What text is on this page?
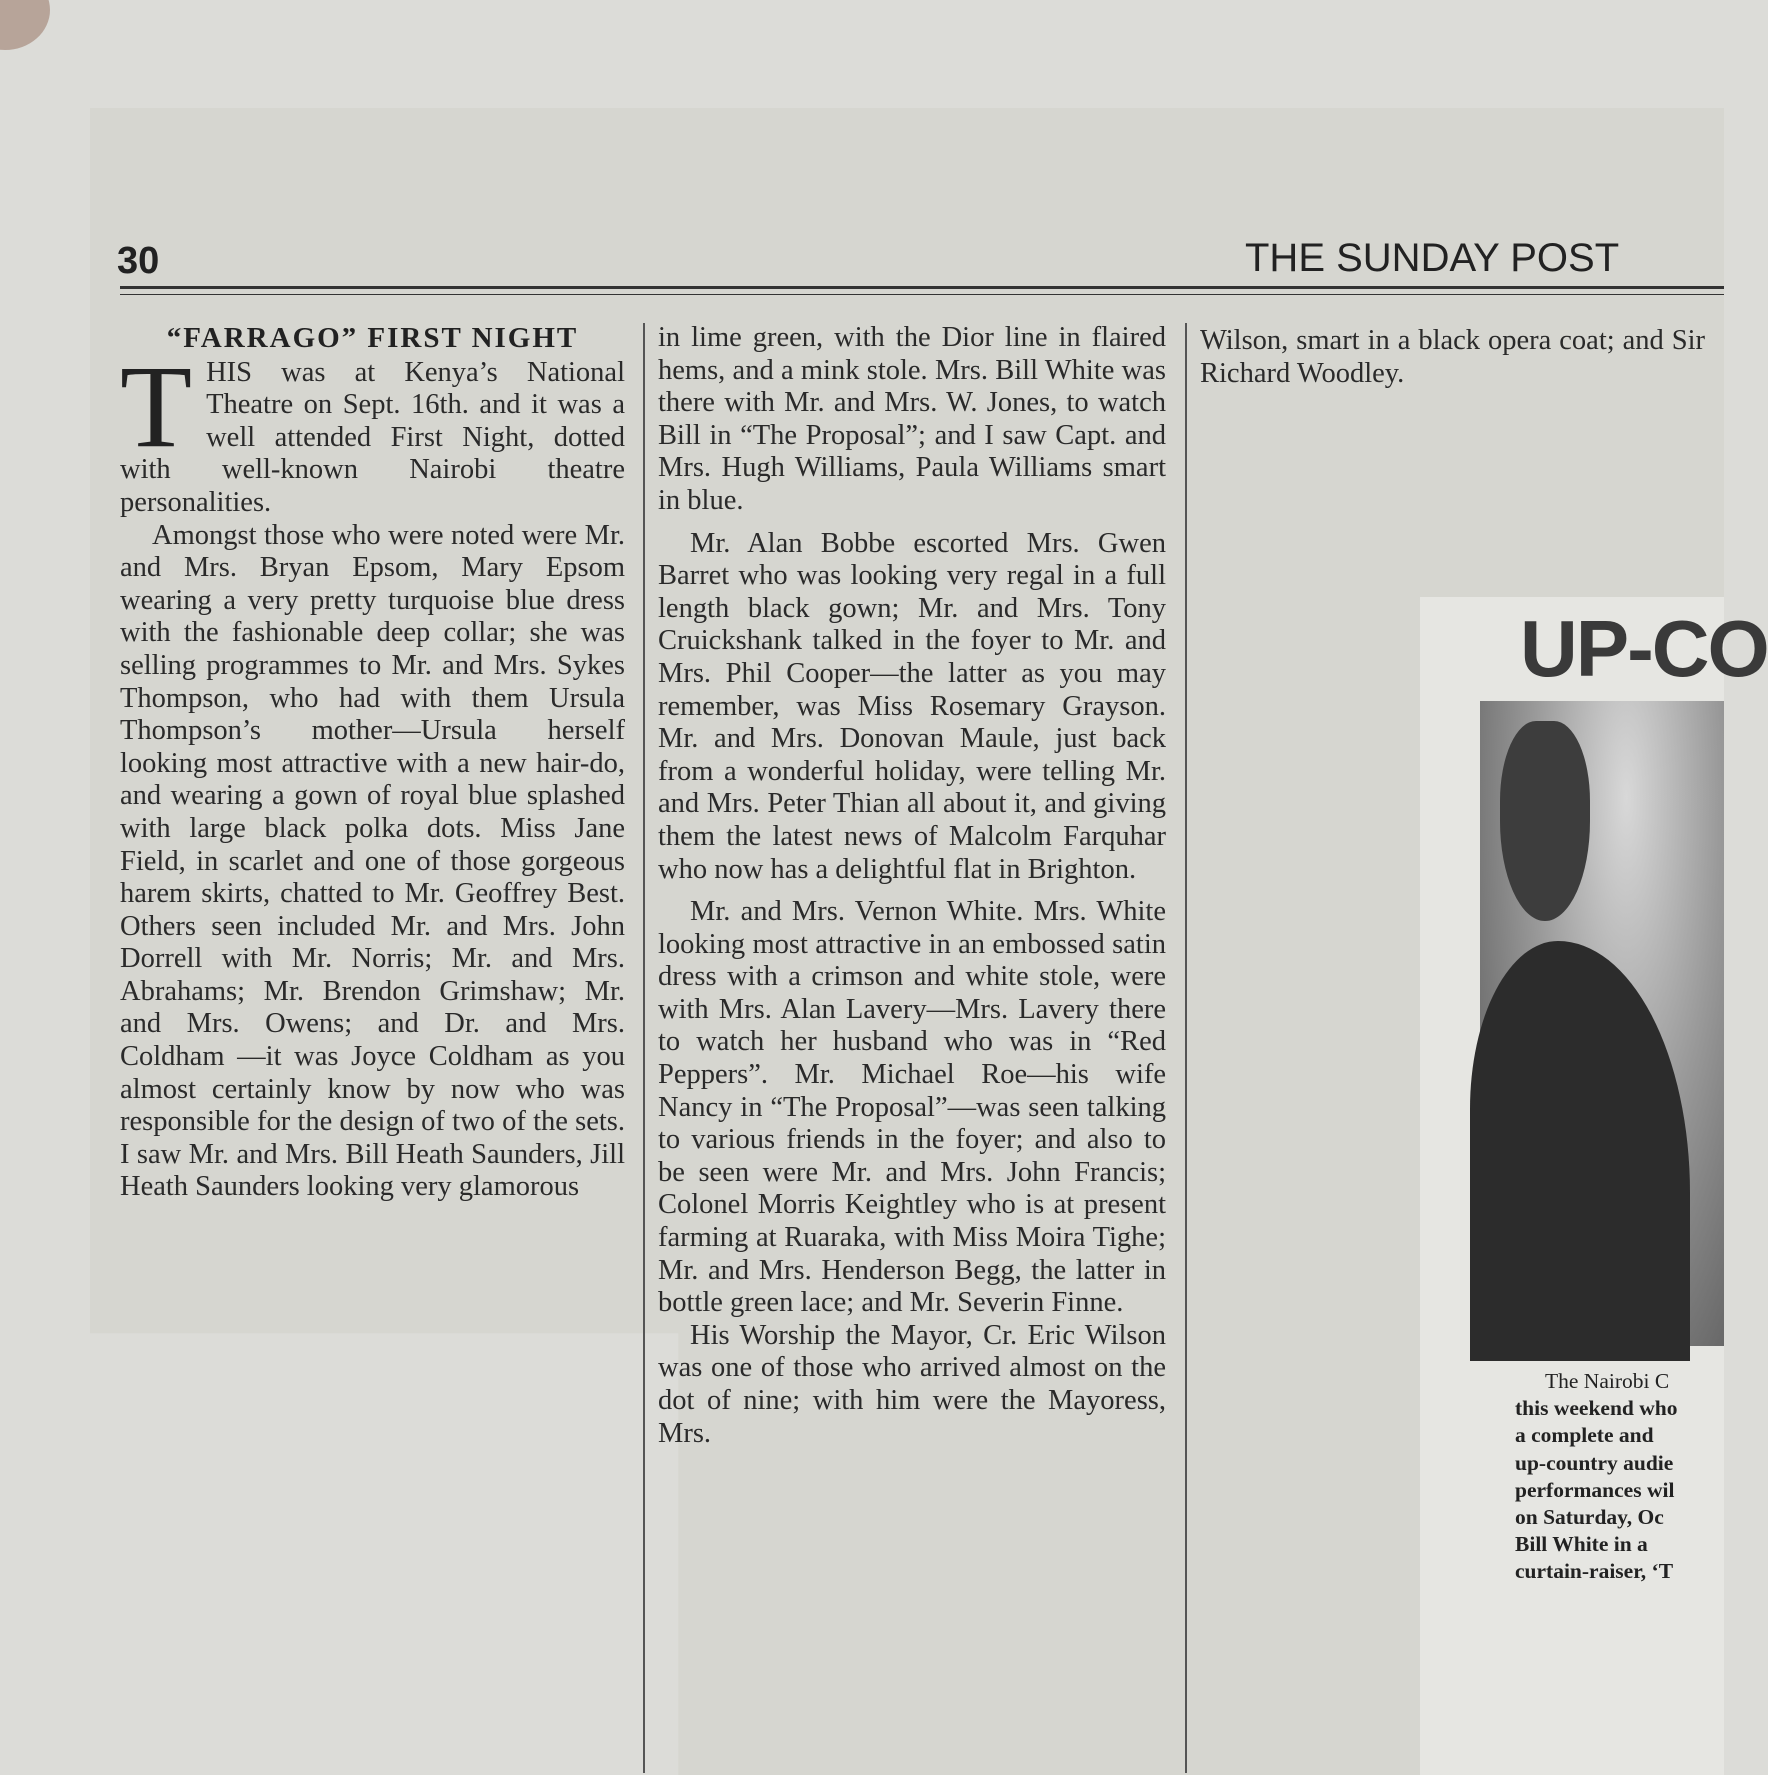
30	THE SUNDAY POST
“FARRAGO” FIRST NIGHT

THIS was at Kenya’s National Theatre on Sept. 16th. and it was a well attended First Night, dotted with well-known Nairobi theatre personalities.

Amongst those who were noted were Mr. and Mrs. Bryan Epsom, Mary Epsom wearing a very pretty turquoise blue dress with the fashionable deep collar; she was selling programmes to Mr. and Mrs. Sykes Thompson, who had with them Ursula Thompson’s mother—Ursula herself looking most attractive with a new hair-do, and wearing a gown of royal blue splashed with large black polka dots. Miss Jane Field, in scarlet and one of those gorgeous harem skirts, chatted to Mr. Geoffrey Best. Others seen included Mr. and Mrs. John Dorrell with Mr. Norris; Mr. and Mrs. Abrahams; Mr. Brendon Grimshaw; Mr. and Mrs. Owens; and Dr. and Mrs. Coldham —it was Joyce Coldham as you almost certainly know by now who was responsible for the design of two of the sets. I saw Mr. and Mrs. Bill Heath Saunders, Jill Heath Saunders looking very glamorous

in lime green, with the Dior line in flaired hems, and a mink stole. Mrs. Bill White was there with Mr. and Mrs. W. Jones, to watch Bill in “The Proposal”; and I saw Capt. and Mrs. Hugh Williams, Paula Williams smart in blue.

Mr. Alan Bobbe escorted Mrs. Gwen Barret who was looking very regal in a full length black gown; Mr. and Mrs. Tony Cruickshank talked in the foyer to Mr. and Mrs. Phil Cooper—the latter as you may remember, was Miss Rosemary Grayson. Mr. and Mrs. Donovan Maule, just back from a wonderful holiday, were telling Mr. and Mrs. Peter Thian all about it, and giving them the latest news of Malcolm Farquhar who now has a delightful flat in Brighton.

Mr. and Mrs. Vernon White. Mrs. White looking most attractive in an embossed satin dress with a crimson and white stole, were with Mrs. Alan Lavery—Mrs. Lavery there to watch her husband who was in “Red Peppers”. Mr. Michael Roe—his wife Nancy in “The Proposal”—was seen talking to various friends in the foyer; and also to be seen were Mr. and Mrs. John Francis; Colonel Morris Keightley who is at present farming at Ruaraka, with Miss Moira Tighe; Mr. and Mrs. Henderson Begg, the latter in bottle green lace; and Mr. Severin Finne.

His Worship the Mayor, Cr. Eric Wilson was one of those who arrived almost on the dot of nine; with him were the Mayoress, Mrs.

Wilson, smart in a black opera coat; and Sir Richard Woodley.

UP-CO
The Nairobi C
this weekend who
a complete and
up-country audie
performances wil
on Saturday, Oc
Bill White in a
curtain-raiser, ‘T
